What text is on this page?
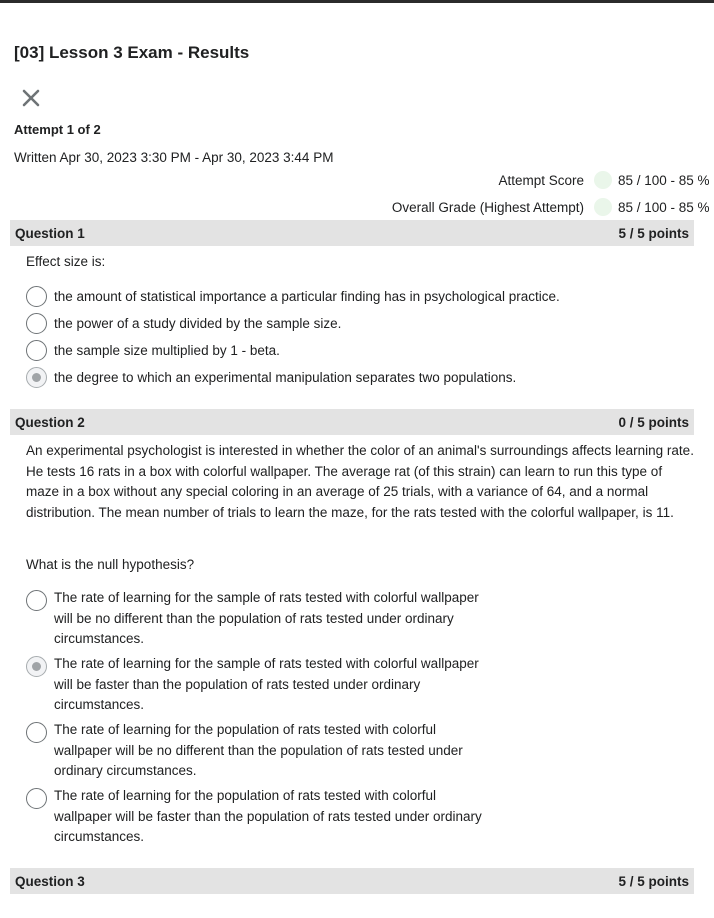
[03] Lesson 3 Exam - Results
Attempt 1 of 2
Written Apr 30, 2023 3:30 PM - Apr 30, 2023 3:44 PM
Attempt Score	85 / 100 - 85 %
Overall Grade (Highest Attempt)	85 / 100 - 85 %
Question 1	5 / 5 points
Effect size is:
the amount of statistical importance a particular finding has in psychological practice.
the power of a study divided by the sample size.
the sample size multiplied by 1 - beta.
the degree to which an experimental manipulation separates two populations.
Question 2	0 / 5 points
An experimental psychologist is interested in whether the color of an animal's surroundings affects learning rate. He tests 16 rats in a box with colorful wallpaper. The average rat (of this strain) can learn to run this type of maze in a box without any special coloring in an average of 25 trials, with a variance of 64, and a normal distribution. The mean number of trials to learn the maze, for the rats tested with the colorful wallpaper, is 11.
What is the null hypothesis?
The rate of learning for the sample of rats tested with colorful wallpaper will be no different than the population of rats tested under ordinary circumstances.
The rate of learning for the sample of rats tested with colorful wallpaper will be faster than the population of rats tested under ordinary circumstances.
The rate of learning for the population of rats tested with colorful wallpaper will be no different than the population of rats tested under ordinary circumstances.
The rate of learning for the population of rats tested with colorful wallpaper will be faster than the population of rats tested under ordinary circumstances.
Question 3	5 / 5 points
